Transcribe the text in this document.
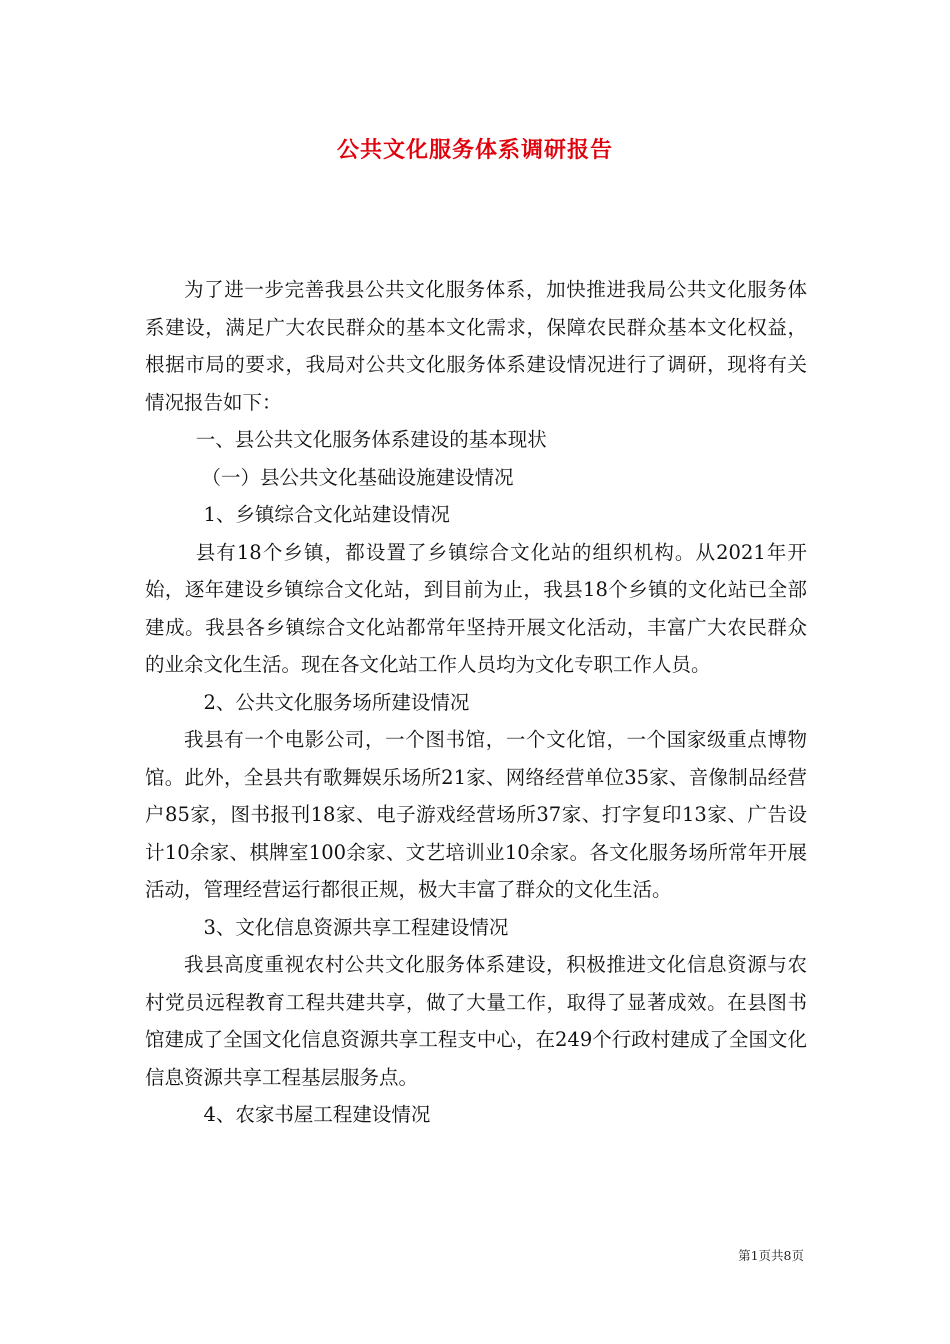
公共文化服务体系调研报告

为了进一步完善我县公共文化服务体系，加快推进我局公共文化服务体系建设，满足广大农民群众的基本文化需求，保障农民群众基本文化权益，根据市局的要求，我局对公共文化服务体系建设情况进行了调研，现将有关情况报告如下：

一、县公共文化服务体系建设的基本现状

（一）县公共文化基础设施建设情况

1、乡镇综合文化站建设情况

县有18个乡镇，都设置了乡镇综合文化站的组织机构。从2021年开始，逐年建设乡镇综合文化站，到目前为止，我县18个乡镇的文化站已全部建成。我县各乡镇综合文化站都常年坚持开展文化活动，丰富广大农民群众的业余文化生活。现在各文化站工作人员均为文化专职工作人员。

2、公共文化服务场所建设情况

我县有一个电影公司，一个图书馆，一个文化馆，一个国家级重点博物馆。此外，全县共有歌舞娱乐场所21家、网络经营单位35家、音像制品经营户85家，图书报刊18家、电子游戏经营场所37家、打字复印13家、广告设计10余家、棋牌室100余家、文艺培训业10余家。各文化服务场所常年开展活动，管理经营运行都很正规，极大丰富了群众的文化生活。

3、文化信息资源共享工程建设情况

我县高度重视农村公共文化服务体系建设，积极推进文化信息资源与农村党员远程教育工程共建共享，做了大量工作，取得了显著成效。在县图书馆建成了全国文化信息资源共享工程支中心，在249个行政村建成了全国文化信息资源共享工程基层服务点。

4、农家书屋工程建设情况

第1页共8页
